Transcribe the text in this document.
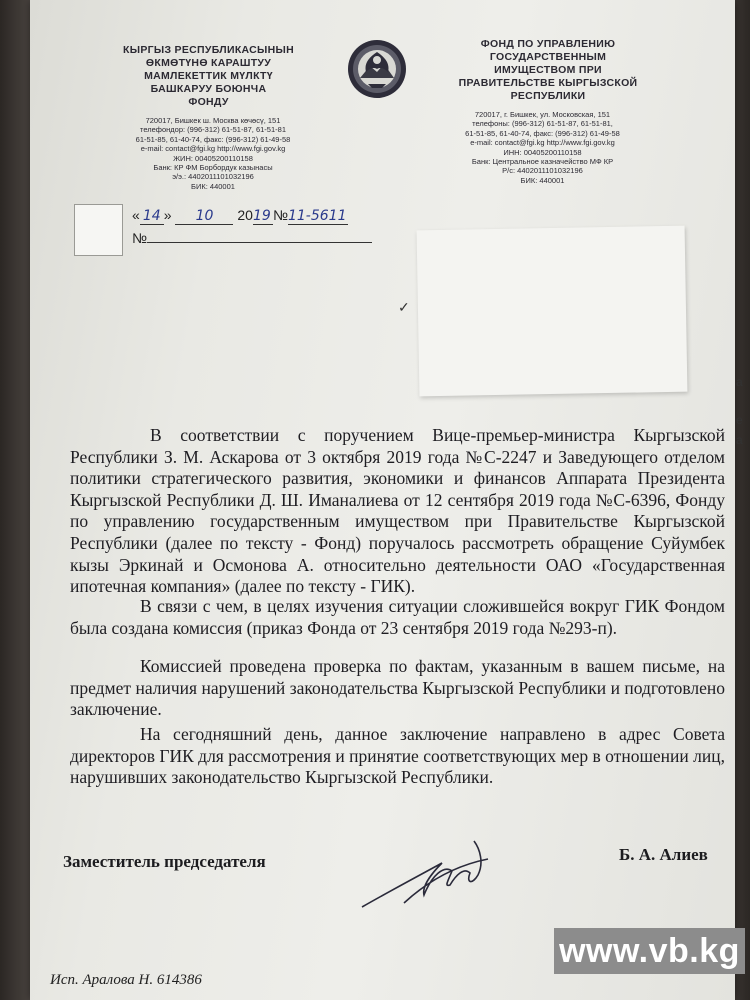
КЫРГЫЗ РЕСПУБЛИКАСЫНЫН
ӨКМӨТҮНӨ КАРАШТУУ
МАМЛЕКЕТТИК МҮЛКТҮ
БАШКАРУУ БОЮНЧА
ФОНДУ
720017, Бишкек ш. Москва көчөсү, 151
телефондор: (996-312) 61-51-87, 61-51-81
61-51-85, 61-40-74, факс: (996-312) 61-49-58
e-mail: contact@fgi.kg http://www.fgi.gov.kg
ЖИН: 00405200110158
Банк: КР ФМ Борбордук казынасы
э/э.: 4402011101032196
БИК: 440001
ФОНД ПО УПРАВЛЕНИЮ
ГОСУДАРСТВЕННЫМ
ИМУЩЕСТВОМ ПРИ
ПРАВИТЕЛЬСТВЕ КЫРГЫЗСКОЙ
РЕСПУБЛИКИ
720017, г. Бишкек, ул. Московская, 151
телефоны: (996-312) 61-51-87, 61-51-81,
61-51-85, 61-40-74, факс: (996-312) 61-49-58
e-mail: contact@fgi.kg http://www.fgi.gov.kg
ИНН: 00405200110158
Банк: Центральное казначейство МФ КР
Р/с: 4402011101032196
БИК: 440001
« 14 » 10 2019 №11-5611
№
✓
а
е
а
В соответствии с поручением Вице-премьер-министра Кыргызской Республики З. М. Аскарова от 3 октября 2019 года №С-2247 и Заведующего отделом политики стратегического развития, экономики и финансов Аппарата Президента Кыргызской Республики Д. Ш. Иманалиева от 12 сентября 2019 года №С-6396, Фонду по управлению государственным имуществом при Правительстве Кыргызской Республики (далее по тексту - Фонд) поручалось рассмотреть обращение Суйумбек кызы Эркинай и Осмонова А. относительно деятельности ОАО «Государственная ипотечная компания» (далее по тексту - ГИК).
В связи с чем, в целях изучения ситуации сложившейся вокруг ГИК Фондом была создана комиссия (приказ Фонда от 23 сентября 2019 года №293-п).
Комиссией проведена проверка по фактам, указанным в вашем письме, на предмет наличия нарушений законодательства Кыргызской Республики и подготовлено заключение.
На сегодняшний день, данное заключение направлено в адрес Совета директоров ГИК для рассмотрения и принятие соответствующих мер в отношении лиц, нарушивших законодательство Кыргызской Республики.
Заместитель председателя	Б. А. Алиев
Исп. Аралова Н. 614386
www.vb.kg
